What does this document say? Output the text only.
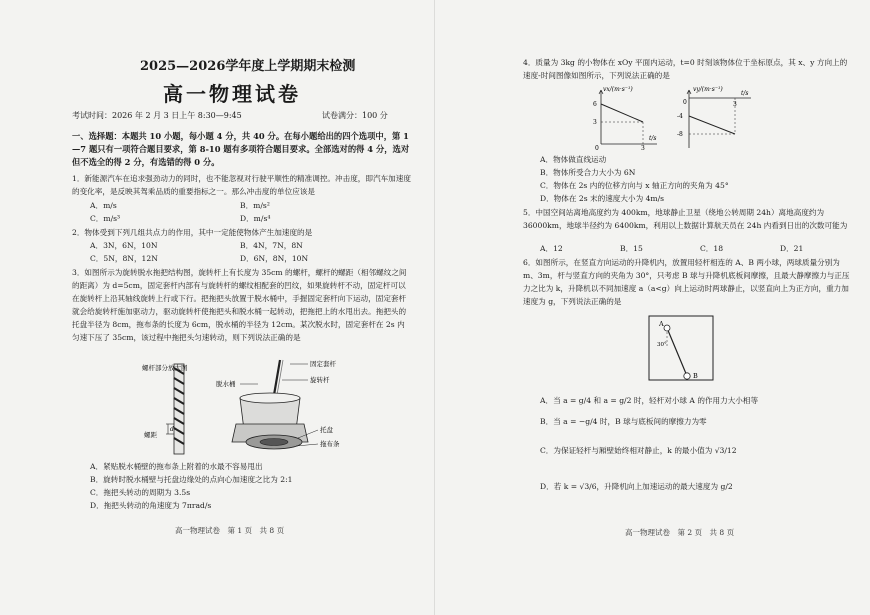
2025—2026学年度上学期期末检测
高一物理试卷
考试时间：2026 年 2 月 3 日上午 8:30—9:45	试卷满分：100 分
一、选择题：本题共 10 小题，每小题 4 分，共 40 分。在每小题给出的四个选项中，第 1—7 题只有一项符合题目要求，第 8-10 题有多项符合题目要求。全部选对的得 4 分，选对但不选全的得 2 分，有选错的得 0 分。
1．新能源汽车在追求强劲动力的同时，也不能忽视对行驶平顺性的精准调控。冲击度，即汽车加速度的变化率，是反映其驾乘品质的重要指标之一。那么冲击度的单位应该是
A．m/s	B．m/s²
C．m/s³	D．m/s⁴
2．物体受到下列几组共点力的作用，其中一定能使物体产生加速度的是
A．3N，6N，10N	B．4N，7N，8N
C．5N，8N，12N	D．6N，8N，10N
3．如图所示为旋转脱水拖把结构图，旋转杆上有长度为 35cm 的螺杆，螺杆的螺距（相邻螺纹之间的距离）为 d=5cm，固定套杆内部有与旋转杆的螺纹相配套的凹纹，如果旋转杆不动，固定杆可以在旋转杆上沿其轴线旋转上行或下行。把拖把头放置于脱水桶中，手握固定套杆向下运动，固定套杆就会给旋转杆施加驱动力，驱动旋转杆使拖把头和脱水桶一起转动，把拖把上的水甩出去。拖把头的托盘半径为 8cm，拖布条的长度为 6cm，脱水桶的半径为 12cm。某次脱水时，固定套杆在 2s 内匀速下压了 35cm，该过程中拖把头匀速转动，则下列说法正确的是
螺杆部分放大图
螺距
d
固定套杆
旋转杆
脱水桶
托盘
拖布条
A．紧贴脱水桶壁的拖布条上附着的水最不容易甩出
B．旋转时脱水桶壁与托盘边缘处的点向心加速度之比为 2:1
C．拖把头转动的周期为 3.5s
D．拖把头转动的角速度为 7πrad/s
高一物理试卷　第 1 页　共 8 页
4．质量为 3kg 的小物体在 xOy 平面内运动，t=0 时刻该物体位于坐标原点，其 x、y 方向上的速度-时间图像如图所示，下列说法正确的是
vx/(m·s⁻¹)
t/s
6
3
0	3
vy/(m·s⁻¹)
t/s
-4
-8
0	3
A．物体做直线运动
B．物体所受合力大小为 6N
C．物体在 2s 内的位移方向与 x 轴正方向的夹角为 45°
D．物体在 2s 末的速度大小为 4m/s
5．中国空间站离地高度约为 400km，地球静止卫星（绕地公转周期 24h）离地高度约为 36000km，地球半径约为 6400km，利用以上数据计算航天员在 24h 内看到日出的次数可能为
A．12	B．15	C．18	D．21
6．如图所示，在竖直方向运动的升降机内，放置用轻杆相连的 A、B 两小球，两球质量分别为 m、3m，杆与竖直方向的夹角为 30°，只考虑 B 球与升降机底板间摩擦，且最大静摩擦力与正压力之比为 k，升降机以不同加速度 a（a<g）向上运动时两球静止，以竖直向上为正方向，重力加速度为 g，下列说法正确的是
A
B
30°
A．当 a = g/4 和 a = g/2 时，轻杆对小球 A 的作用力大小相等
B．当 a = −g/4 时，B 球与底板间的摩擦力为零
C．为保证轻杆与厢壁始终相对静止，k 的最小值为 √3/12
D．若 k = √3/6，升降机向上加速运动的最大速度为 g/2
高一物理试卷　第 2 页　共 8 页
